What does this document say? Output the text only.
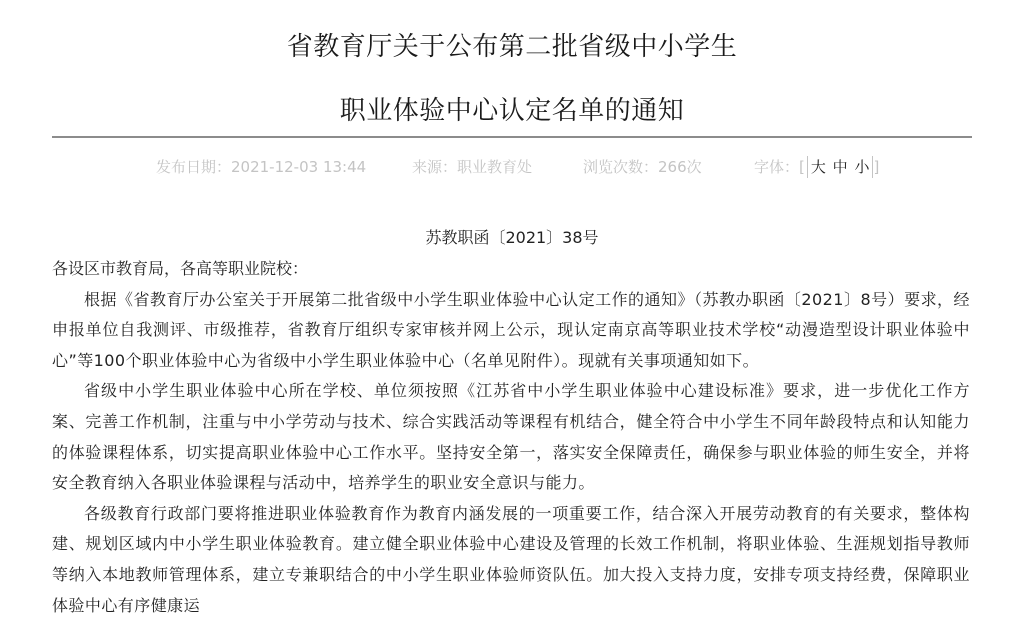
省教育厅关于公布第二批省级中小学生
职业体验中心认定名单的通知
发布日期：2021-12-03 13:44	来源：职业教育处	浏览次数：266次	字体：[ 大 中 小 ]
苏教职函〔2021〕38号

各设区市教育局，各高等职业院校：

根据《省教育厅办公室关于开展第二批省级中小学生职业体验中心认定工作的通知》（苏教办职函〔2021〕8号）要求，经申报单位自我测评、市级推荐，省教育厅组织专家审核并网上公示，现认定南京高等职业技术学校“动漫造型设计职业体验中心”等100个职业体验中心为省级中小学生职业体验中心（名单见附件）。现就有关事项通知如下。

省级中小学生职业体验中心所在学校、单位须按照《江苏省中小学生职业体验中心建设标准》要求，进一步优化工作方案、完善工作机制，注重与中小学劳动与技术、综合实践活动等课程有机结合，健全符合中小学生不同年龄段特点和认知能力的体验课程体系，切实提高职业体验中心工作水平。坚持安全第一，落实安全保障责任，确保参与职业体验的师生安全，并将安全教育纳入各职业体验课程与活动中，培养学生的职业安全意识与能力。

各级教育行政部门要将推进职业体验教育作为教育内涵发展的一项重要工作，结合深入开展劳动教育的有关要求，整体构建、规划区域内中小学生职业体验教育。建立健全职业体验中心建设及管理的长效工作机制，将职业体验、生涯规划指导教师等纳入本地教师管理体系，建立专兼职结合的中小学生职业体验师资队伍。加大投入支持力度，安排专项支持经费，保障职业体验中心有序健康运
